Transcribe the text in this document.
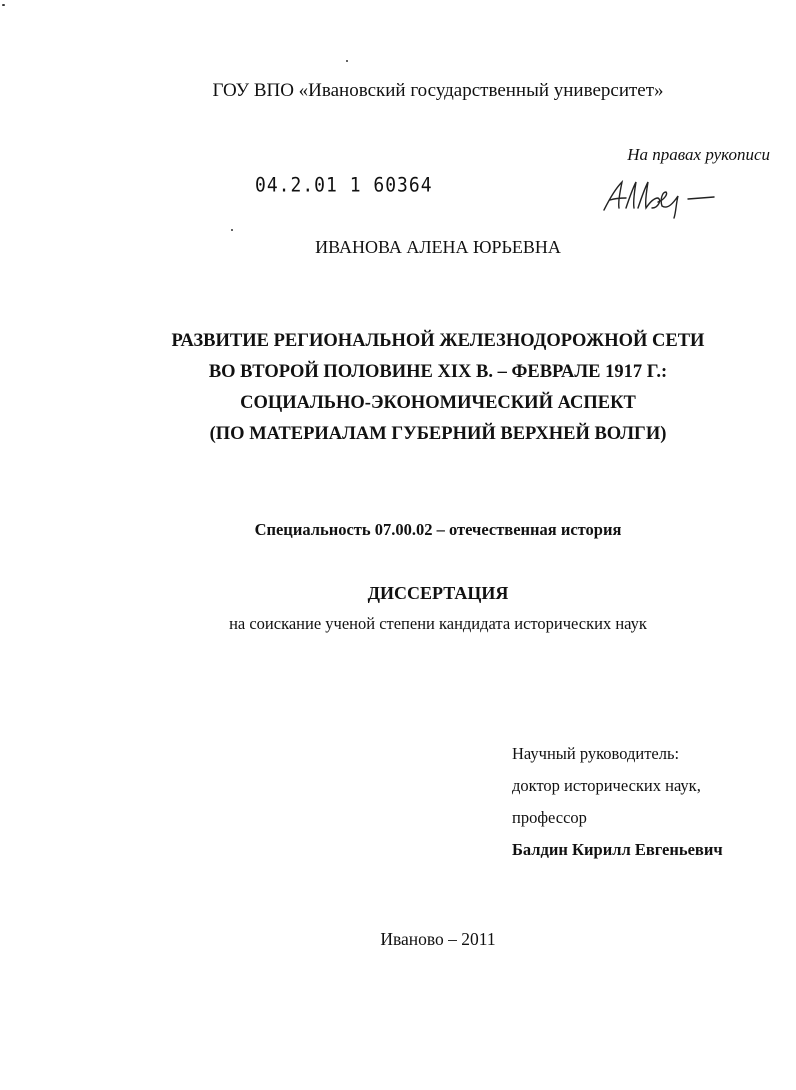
ГОУ ВПО «Ивановский государственный университет»
На правах рукописи
04.2.01 1 60364
ИВАНОВА АЛЕНА ЮРЬЕВНА
РАЗВИТИЕ РЕГИОНАЛЬНОЙ ЖЕЛЕЗНОДОРОЖНОЙ СЕТИ
ВО ВТОРОЙ ПОЛОВИНЕ XIX В. – ФЕВРАЛЕ 1917 Г.:
СОЦИАЛЬНО-ЭКОНОМИЧЕСКИЙ АСПЕКТ
(ПО МАТЕРИАЛАМ ГУБЕРНИЙ ВЕРХНЕЙ ВОЛГИ)
Специальность 07.00.02 – отечественная история
ДИССЕРТАЦИЯ
на соискание ученой степени кандидата исторических наук
Научный руководитель:
доктор исторических наук,
профессор
Балдин Кирилл Евгеньевич
Иваново – 2011
